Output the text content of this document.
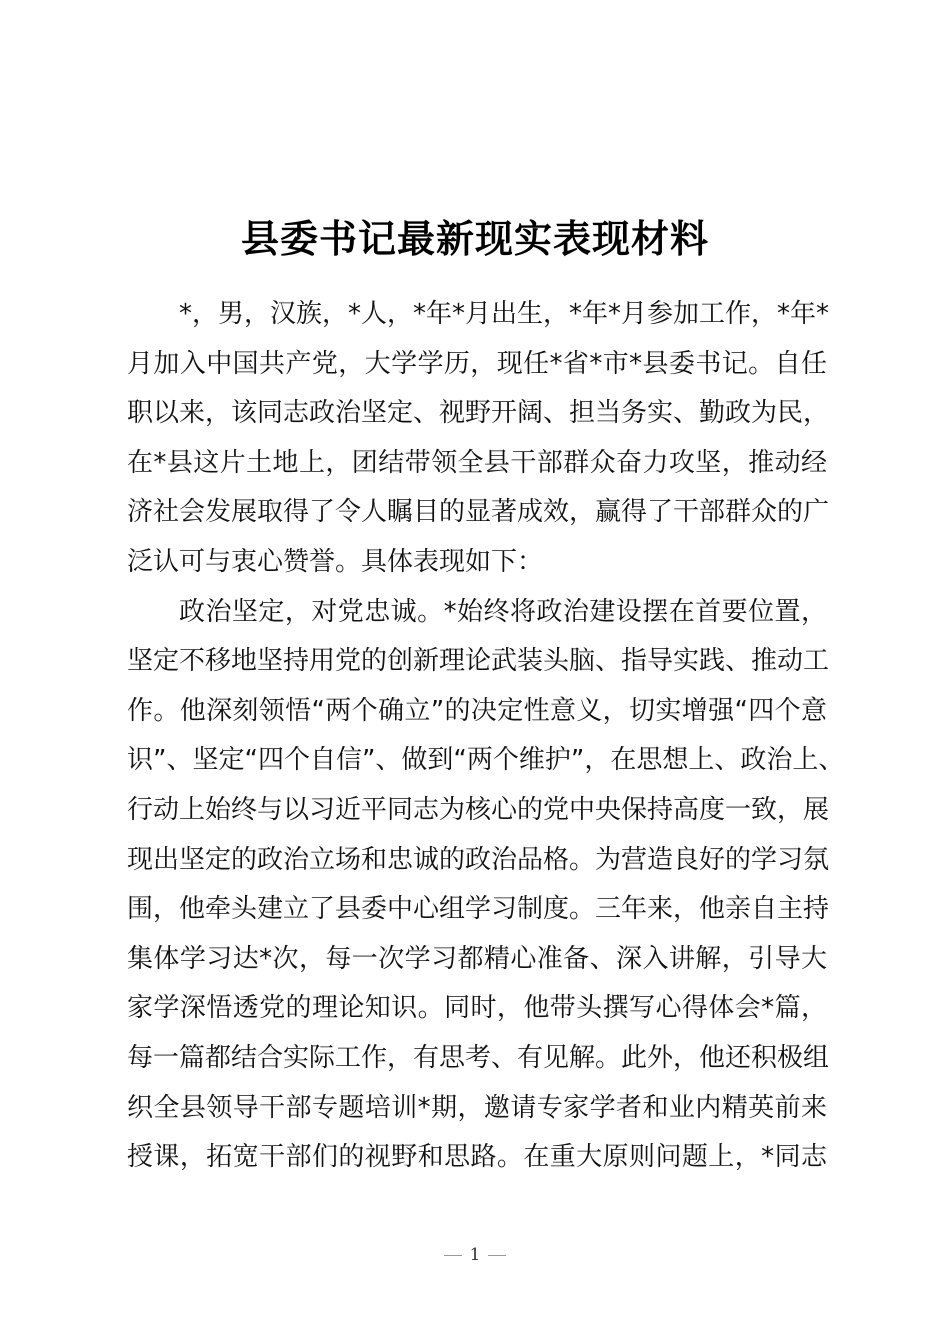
县委书记最新现实表现材料
*，男，汉族，*人，*年*月出生，*年*月参加工作，*年*
月加入中国共产党，大学学历，现任*省*市*县委书记。自任
职以来，该同志政治坚定、视野开阔、担当务实、勤政为民，
在*县这片土地上，团结带领全县干部群众奋力攻坚，推动经
济社会发展取得了令人瞩目的显著成效，赢得了干部群众的广
泛认可与衷心赞誉。具体表现如下：
政治坚定，对党忠诚。*始终将政治建设摆在首要位置，
坚定不移地坚持用党的创新理论武装头脑、指导实践、推动工
作。他深刻领悟“两个确立”的决定性意义，切实增强“四个意
识”、坚定“四个自信”、做到“两个维护”，在思想上、政治上、
行动上始终与以习近平同志为核心的党中央保持高度一致，展
现出坚定的政治立场和忠诚的政治品格。为营造良好的学习氛
围，他牵头建立了县委中心组学习制度。三年来，他亲自主持
集体学习达*次，每一次学习都精心准备、深入讲解，引导大
家学深悟透党的理论知识。同时，他带头撰写心得体会*篇，
每一篇都结合实际工作，有思考、有见解。此外，他还积极组
织全县领导干部专题培训*期，邀请专家学者和业内精英前来
授课，拓宽干部们的视野和思路。在重大原则问题上，*同志
1
